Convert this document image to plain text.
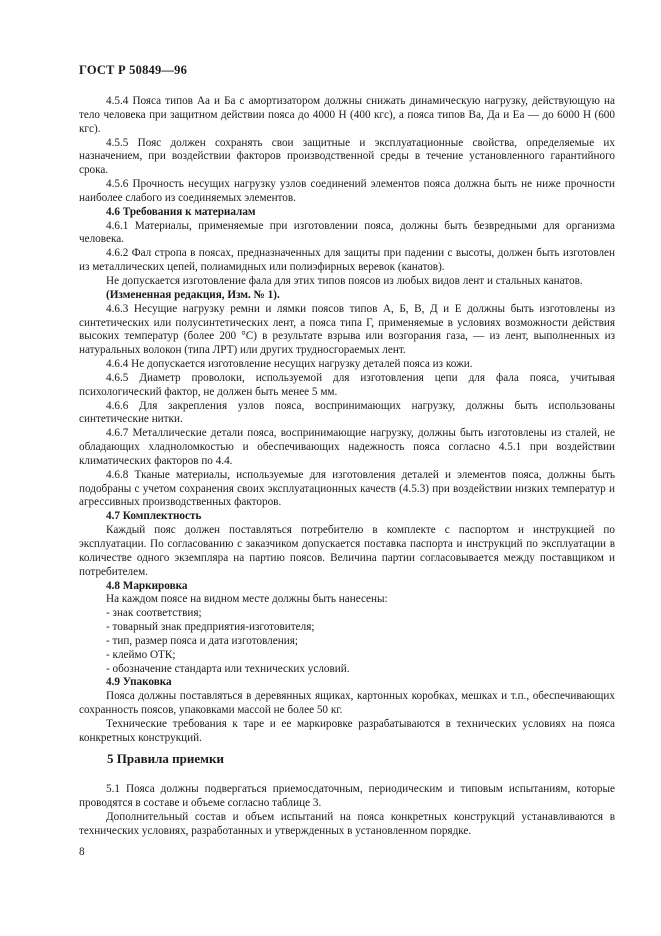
ГОСТ Р 50849—96

4.5.4 Пояса типов Аа и Ба с амортизатором должны снижать динамическую нагрузку, действующую на тело человека при защитном действии пояса до 4000 Н (400 кгс), а пояса типов Ва, Да и Еа — до 6000 Н (600 кгс).

4.5.5 Пояс должен сохранять свои защитные и эксплуатационные свойства, определяемые их назначением, при воздействии факторов производственной среды в течение установленного гарантийного срока.

4.5.6 Прочность несущих нагрузку узлов соединений элементов пояса должна быть не ниже прочности наиболее слабого из соединяемых элементов.

4.6 Требования к материалам

4.6.1 Материалы, применяемые при изготовлении пояса, должны быть безвредными для организма человека.

4.6.2 Фал стропа в поясах, предназначенных для защиты при падении с высоты, должен быть изготовлен из металлических цепей, полиамидных или полиэфирных веревок (канатов).

Не допускается изготовление фала для этих типов поясов из любых видов лент и стальных канатов.

(Измененная редакция, Изм. № 1).

4.6.3 Несущие нагрузку ремни и лямки поясов типов А, Б, В, Д и Е должны быть изготовлены из синтетических или полусинтетических лент, а пояса типа Г, применяемые в условиях возможности действия высоких температур (более 200 °С) в результате взрыва или возгорания газа, — из лент, выполненных из натуральных волокон (типа ЛРТ) или других трудносгораемых лент.

4.6.4 Не допускается изготовление несущих нагрузку деталей пояса из кожи.

4.6.5 Диаметр проволоки, используемой для изготовления цепи для фала пояса, учитывая психологический фактор, не должен быть менее 5 мм.

4.6.6 Для закрепления узлов пояса, воспринимающих нагрузку, должны быть использованы синтетические нитки.

4.6.7 Металлические детали пояса, воспринимающие нагрузку, должны быть изготовлены из сталей, не обладающих хладноломкостью и обеспечивающих надежность пояса согласно 4.5.1 при воздействии климатических факторов по 4.4.

4.6.8 Тканые материалы, используемые для изготовления деталей и элементов пояса, должны быть подобраны с учетом сохранения своих эксплуатационных качеств (4.5.3) при воздействии низких температур и агрессивных производственных факторов.

4.7 Комплектность

Каждый пояс должен поставляться потребителю в комплекте с паспортом и инструкцией по эксплуатации. По согласованию с заказчиком допускается поставка паспорта и инструкций по эксплуатации в количестве одного экземпляра на партию поясов. Величина партии согласовывается между поставщиком и потребителем.

4.8 Маркировка

На каждом поясе на видном месте должны быть нанесены:

- знак соответствия;
- товарный знак предприятия-изготовителя;
- тип, размер пояса и дата изготовления;
- клеймо ОТК;
- обозначение стандарта или технических условий.
4.9 Упаковка

Пояса должны поставляться в деревянных ящиках, картонных коробках, мешках и т.п., обеспечивающих сохранность поясов, упаковками массой не более 50 кг.

Технические требования к таре и ее маркировке разрабатываются в технических условиях на пояса конкретных конструкций.

5 Правила приемки

5.1 Пояса должны подвергаться приемосдаточным, периодическим и типовым испытаниям, которые проводятся в составе и объеме согласно таблице 3.

Дополнительный состав и объем испытаний на пояса конкретных конструкций устанавливаются в технических условиях, разработанных и утвержденных в установленном порядке.

8
